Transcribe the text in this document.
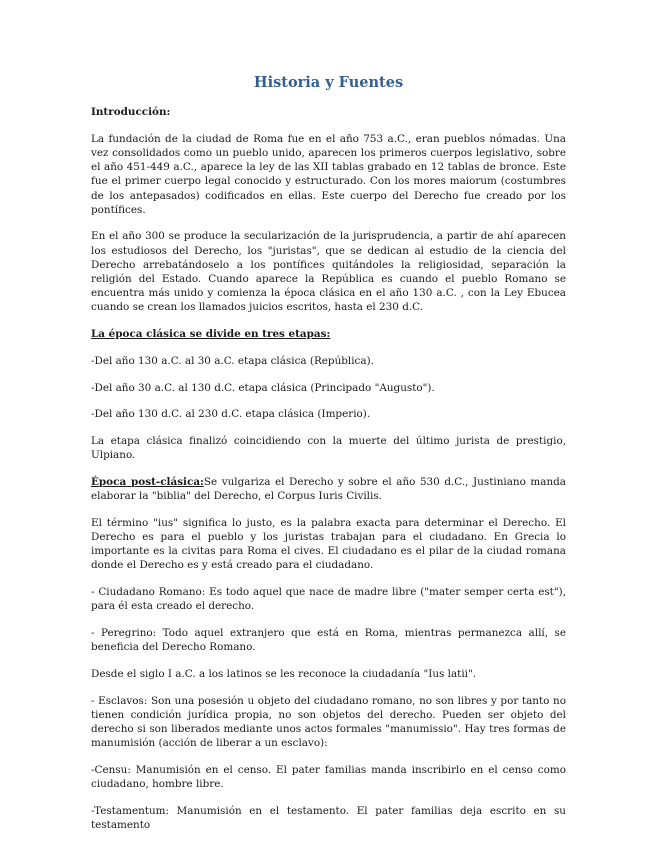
Historia y Fuentes

Introducción:

La fundación de la ciudad de Roma fue en el año 753 a.C., eran pueblos nómadas. Una vez consolidados como un pueblo unido, aparecen los primeros cuerpos legislativo, sobre el año 451-449 a.C., aparece la ley de las XII tablas grabado en 12 tablas de bronce. Este fue el primer cuerpo legal conocido y estructurado. Con los mores maiorum (costumbres de los antepasados) codificados en ellas. Este cuerpo del Derecho fue creado por los pontífices.

En el año 300 se produce la secularización de la jurisprudencia, a partir de ahí aparecen los estudiosos del Derecho, los "juristas", que se dedican al estudio de la ciencia del Derecho arrebatándoselo a los pontífices quitándoles la religiosidad, separación la religión del Estado. Cuando aparece la República es cuando el pueblo Romano se encuentra más unido y comienza la época clásica en el año 130 a.C. , con la Ley Ebucea cuando se crean los llamados juicios escritos, hasta el 230 d.C.

La época clásica se divide en tres etapas:

-Del año 130 a.C. al 30 a.C. etapa clásica (República).

-Del año 30 a.C. al 130 d.C. etapa clásica (Principado "Augusto").

-Del año 130 d.C. al 230 d.C. etapa clásica (Imperio).

La etapa clásica finalizó coincidiendo con la muerte del último jurista de prestigio, Ulpiano.

Época post-clásica:Se vulgariza el Derecho y sobre el año 530 d.C., Justiniano manda elaborar la "biblia" del Derecho, el Corpus Iuris Civilis.

El término "ius" significa lo justo, es la palabra exacta para determinar el Derecho. El Derecho es para el pueblo y los juristas trabajan para el ciudadano. En Grecia lo importante es la civitas para Roma el cives. El ciudadano es el pilar de la ciudad romana donde el Derecho es y está creado para el ciudadano.

- Ciudadano Romano: Es todo aquel que nace de madre libre ("mater semper certa est"), para él esta creado el derecho.

- Peregrino: Todo aquel extranjero que está en Roma, mientras permanezca allí, se beneficia del Derecho Romano.

Desde el siglo I a.C. a los latinos se les reconoce la ciudadanía "Ius latii".

- Esclavos: Son una posesión u objeto del ciudadano romano, no son libres y por tanto no tienen condición jurídica propia, no son objetos del derecho. Pueden ser objeto del derecho si son liberados mediante unos actos formales "manumissio". Hay tres formas de manumisión (acción de liberar a un esclavo):

-Censu: Manumisión en el censo. El pater familias manda inscribirlo en el censo como ciudadano, hombre libre.

-Testamentum: Manumisión en el testamento. El pater familias deja escrito en su testamento
